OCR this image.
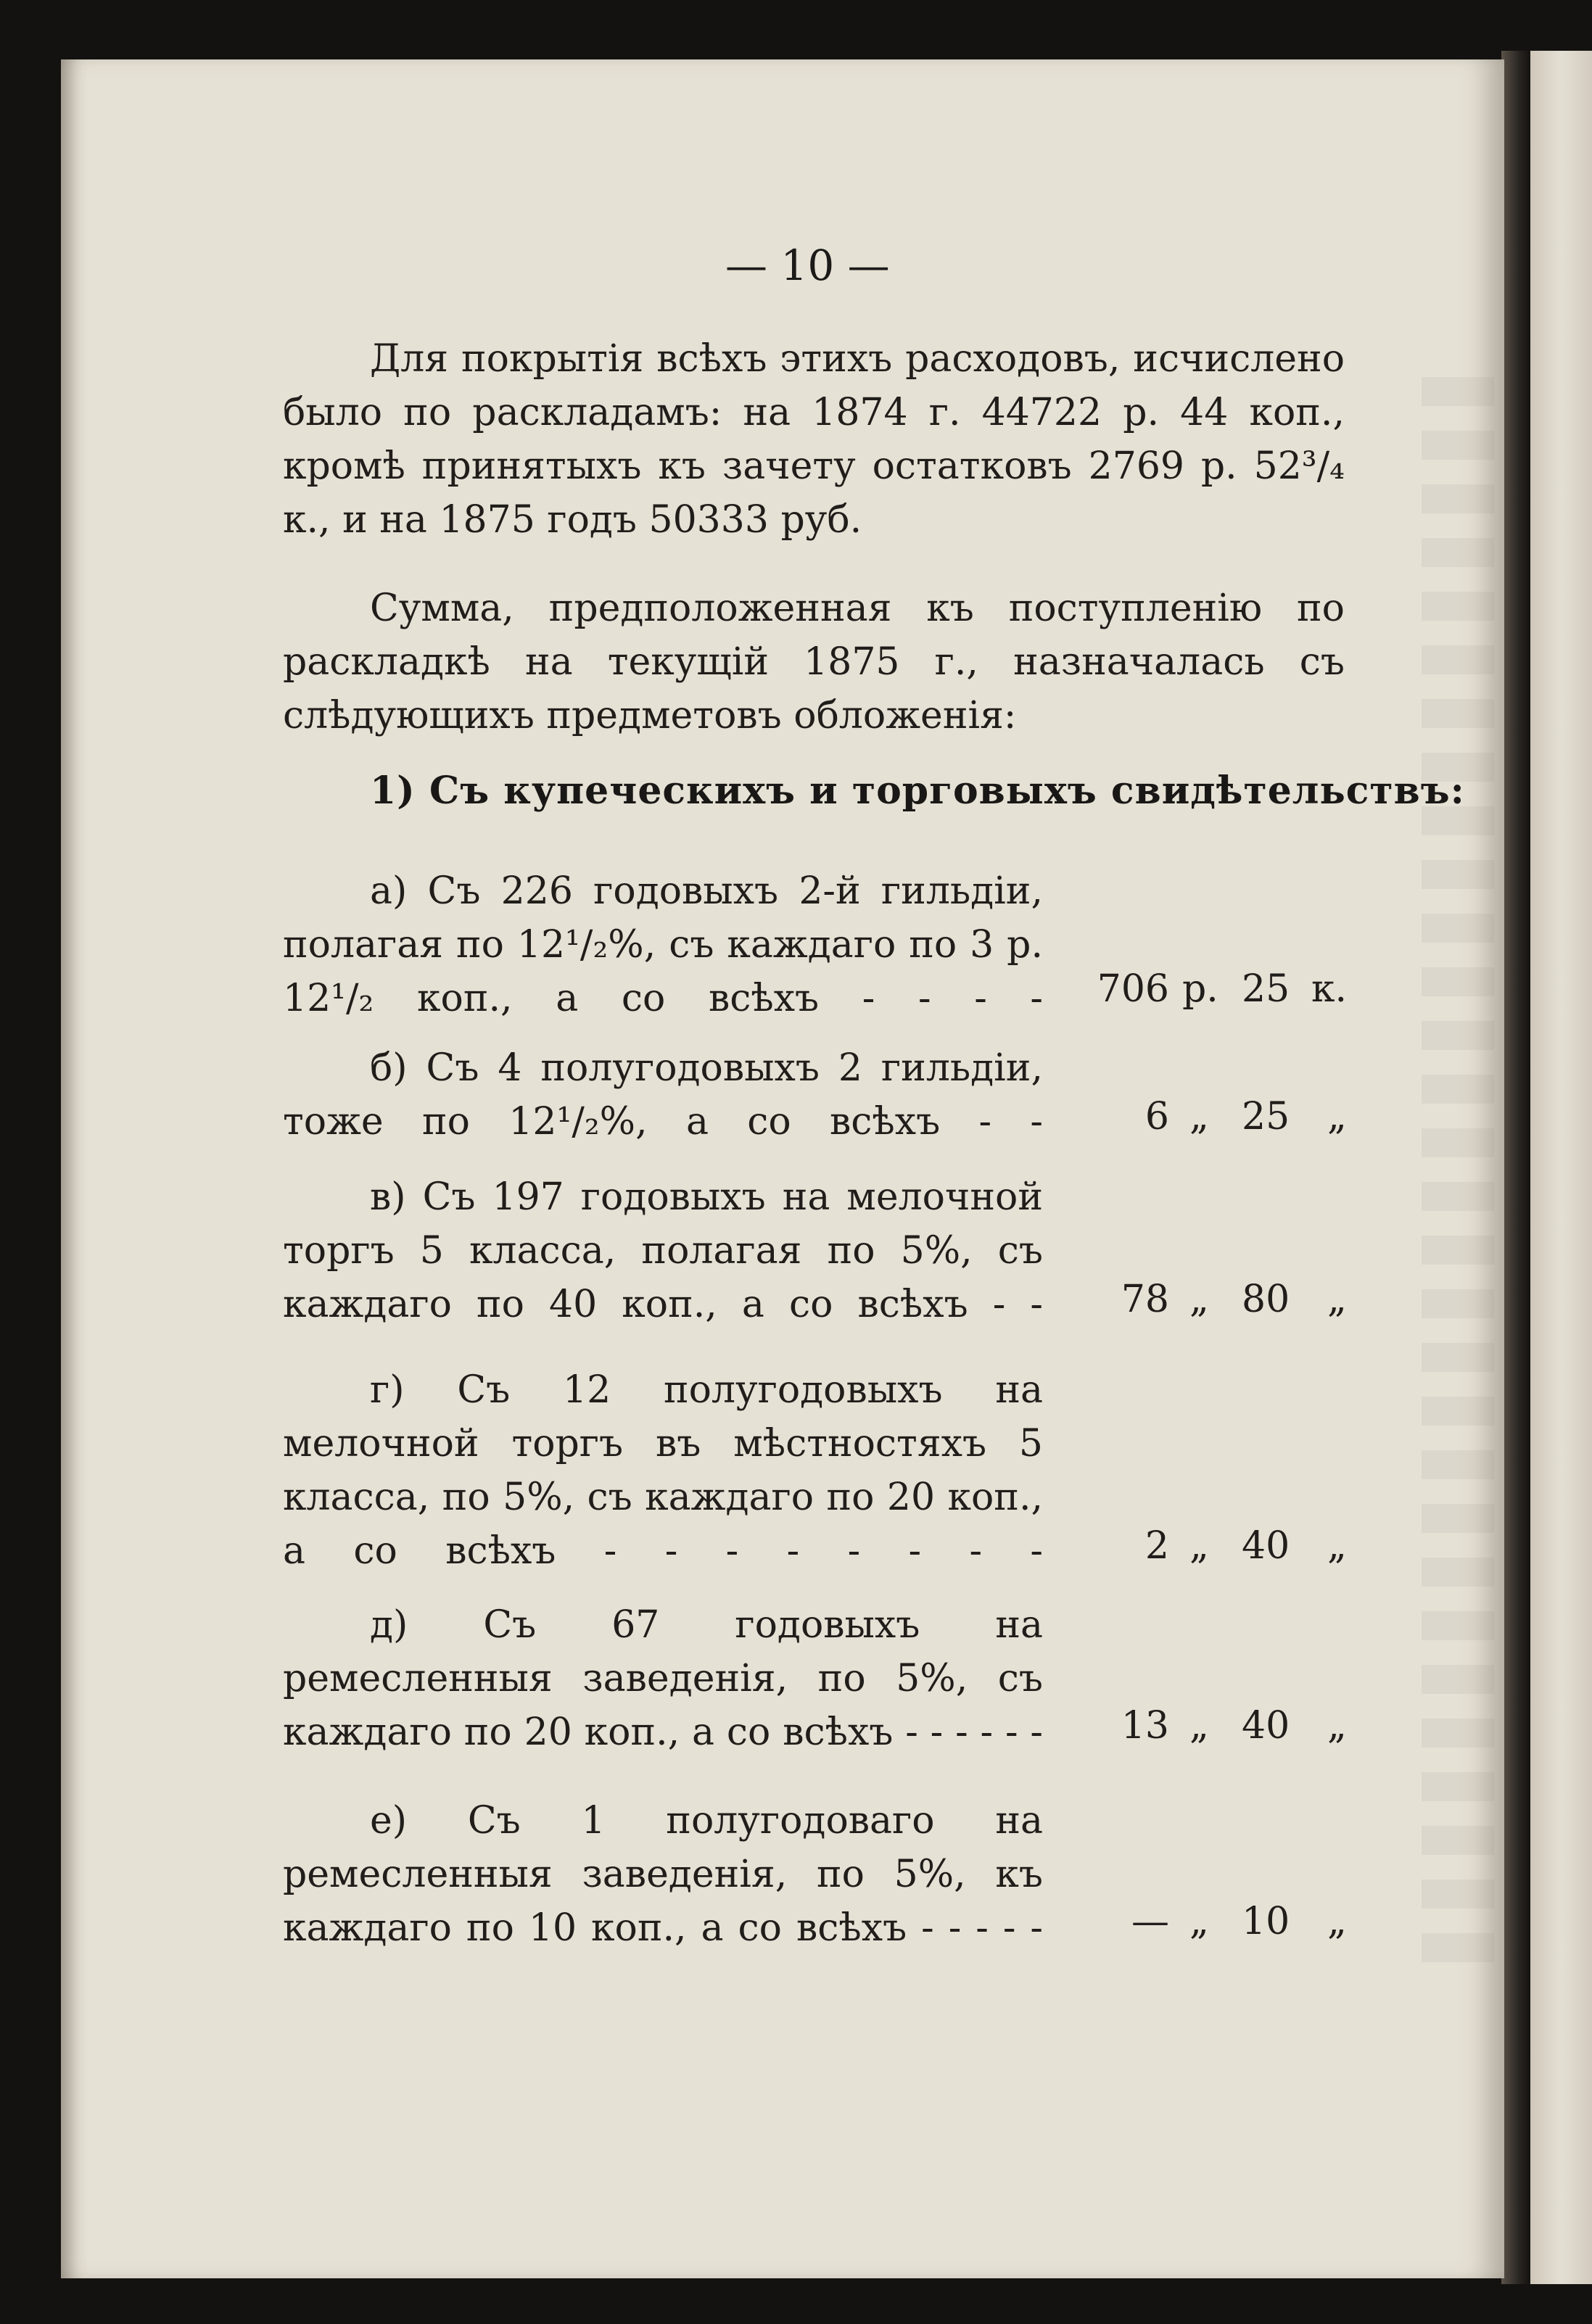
— 10 —

Для покрытія всѣхъ этихъ расходовъ, исчислено было по раскладамъ: на 1874 г. 44722 р. 44 коп., кромѣ принятыхъ къ зачету остатковъ 2769 р. 52³/₄ к., и на 1875 годъ 50333 руб.

Сумма, предположенная къ поступленію по раскладкѣ на текущій 1875 г., назначалась съ слѣдующихъ предметовъ обложенія:

1) Съ купеческихъ и торговыхъ свидѣтельствъ:

а) Съ 226 годовыхъ 2-й гильдіи, полагая по 12¹/₂%, съ каждаго по 3 р. 12¹/₂ коп., а со всѣхъ - - - -	706 р. 25 к.

б) Съ 4 полугодовыхъ 2 гильдіи, тоже по 12¹/₂%, а со всѣхъ - -	6 „ 25 „

в) Съ 197 годовыхъ на мелочной торгъ 5 класса, полагая по 5%, съ каждаго по 40 коп., а со всѣхъ - -	78 „ 80 „

г) Съ 12 полугодовыхъ на мелочной торгъ въ мѣстностяхъ 5 класса, по 5%, съ каждаго по 20 коп., а со всѣхъ - - - - - - - -	2 „ 40 „

д) Съ 67 годовыхъ на ремесленныя заведенія, по 5%, съ каждаго по 20 коп., а со всѣхъ - - - - - -	13 „ 40 „

е) Съ 1 полугодоваго на ремесленныя заведенія, по 5%, къ каждаго по 10 коп., а со всѣхъ - - - - -	— „ 10 „
